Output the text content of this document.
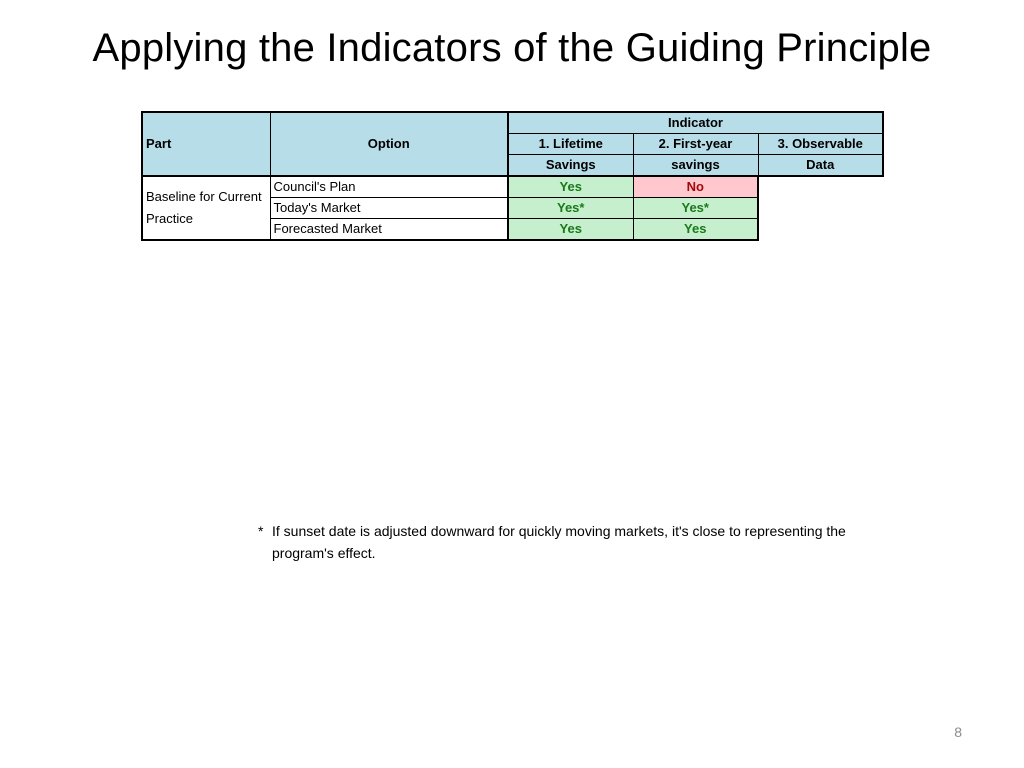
Applying the Indicators of the Guiding Principle
Part	Option	Indicator		
		1. Lifetime	2. First-year	3. Observable
		Savings	savings	Data
Baseline for Current Practice	Council's Plan	Yes	No	
	Today's Market	Yes*	Yes*	
	Forecasted Market	Yes	Yes	
* If sunset date is adjusted downward for quickly moving markets, it's close to representing the program's effect.
8
